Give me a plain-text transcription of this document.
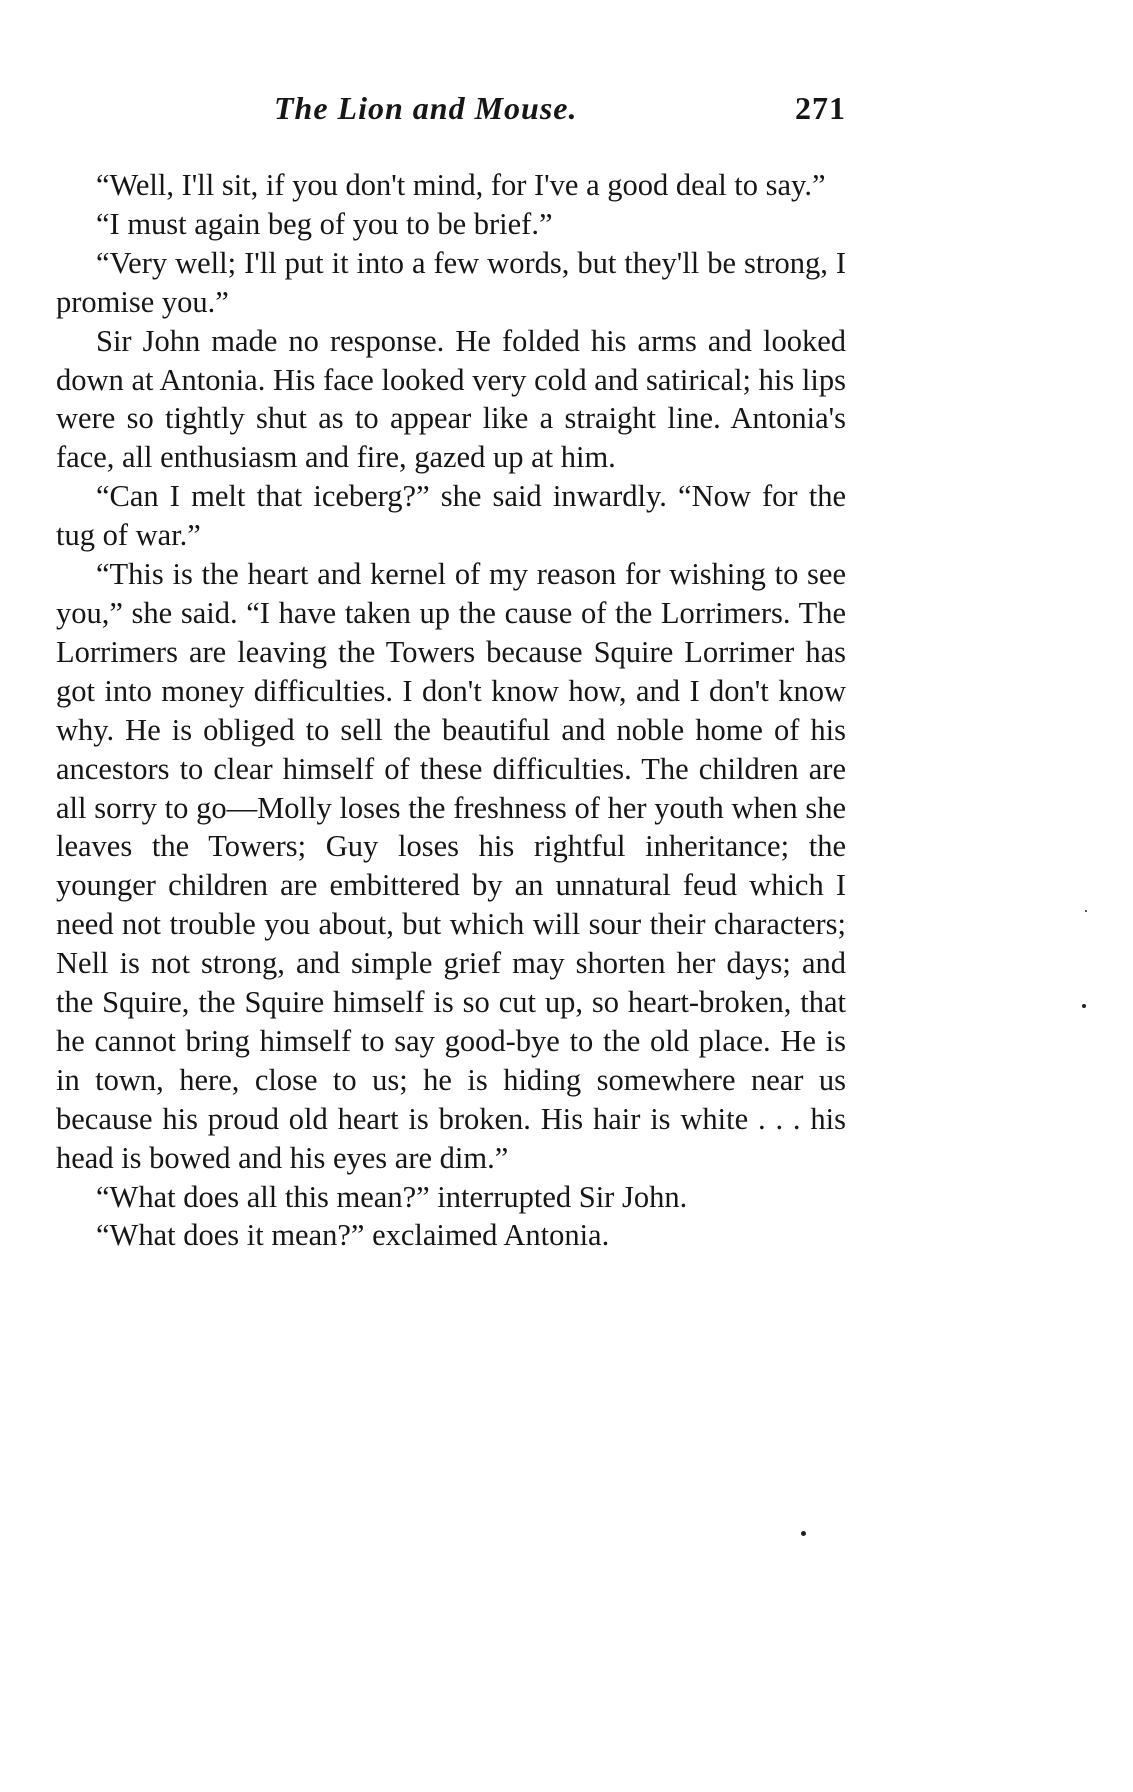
The Lion and Mouse.	271

“Well, I'll sit, if you don't mind, for I've a good deal to say.”

“I must again beg of you to be brief.”

“Very well; I'll put it into a few words, but they'll be strong, I promise you.”

Sir John made no response. He folded his arms and looked down at Antonia. His face looked very cold and satirical; his lips were so tightly shut as to appear like a straight line. Antonia's face, all enthusiasm and fire, gazed up at him.

“Can I melt that iceberg?” she said inwardly. “Now for the tug of war.”

“This is the heart and kernel of my reason for wishing to see you,” she said. “I have taken up the cause of the Lorrimers. The Lorrimers are leaving the Towers because Squire Lorrimer has got into money difficulties. I don't know how, and I don't know why. He is obliged to sell the beautiful and noble home of his ancestors to clear himself of these difficulties. The children are all sorry to go—Molly loses the freshness of her youth when she leaves the Towers; Guy loses his rightful inheritance; the younger children are embittered by an unnatural feud which I need not trouble you about, but which will sour their characters; Nell is not strong, and simple grief may shorten her days; and the Squire, the Squire himself is so cut up, so heart-broken, that he cannot bring himself to say good-bye to the old place. He is in town, here, close to us; he is hiding somewhere near us because his proud old heart is broken. His hair is white . . . his head is bowed and his eyes are dim.”

“What does all this mean?” interrupted Sir John.

“What does it mean?” exclaimed Antonia.
